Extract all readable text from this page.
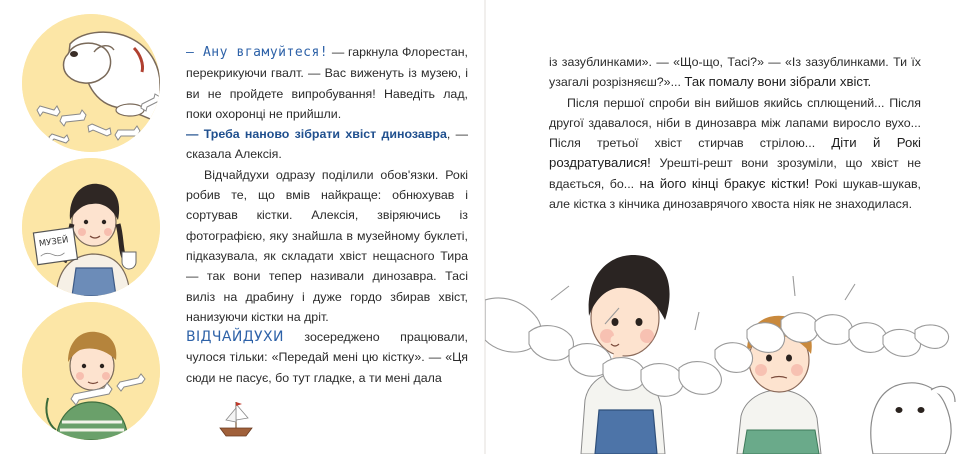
МУЗЕЙ

— Ану вгамуйтеся! — гаркнула Флорестан, перекрикуючи гвалт. — Вас виженуть із музею, і ви не пройдете випробування! Наведіть лад, поки охоронці не прийшли.

— Треба наново зібрати хвіст динозавра, — сказала Алексія.

Відчайдухи одразу поділили обов'язки. Рокі робив те, що вмів найкраще: обнюхував і сортував кістки. Алексія, звіряючись із фотографією, яку знайшла в музейному буклеті, підказувала, як складати хвіст нещасного Тира — так вони тепер називали динозавра. Тасі виліз на драбину і дуже гордо збирав хвіст, нанизуючи кістки на дріт.

ВІДЧАЙДУХИ зосереджено працювали, чулося тільки: «Передай мені цю кістку». — «Ця сюди не пасує, бо тут гладке, а ти мені дала

із зазублинками». — «Що-що, Тасі?» — «Із зазублинками. Ти їх узагалі розрізняєш?»... Так помалу вони зібрали хвіст.

Після першої спроби він вийшов якийсь сплющений... Після другої здавалося, ніби в динозавра між лапами виросло вухо... Після третьої хвіст стирчав стрілою... Діти й Рокі роздратувалися! Урешті-решт вони зрозуміли, що хвіст не вдається, бо... на його кінці бракує кістки! Рокі шукав-шукав, але кістка з кінчика динозаврячого хвоста ніяк не знаходилася.
